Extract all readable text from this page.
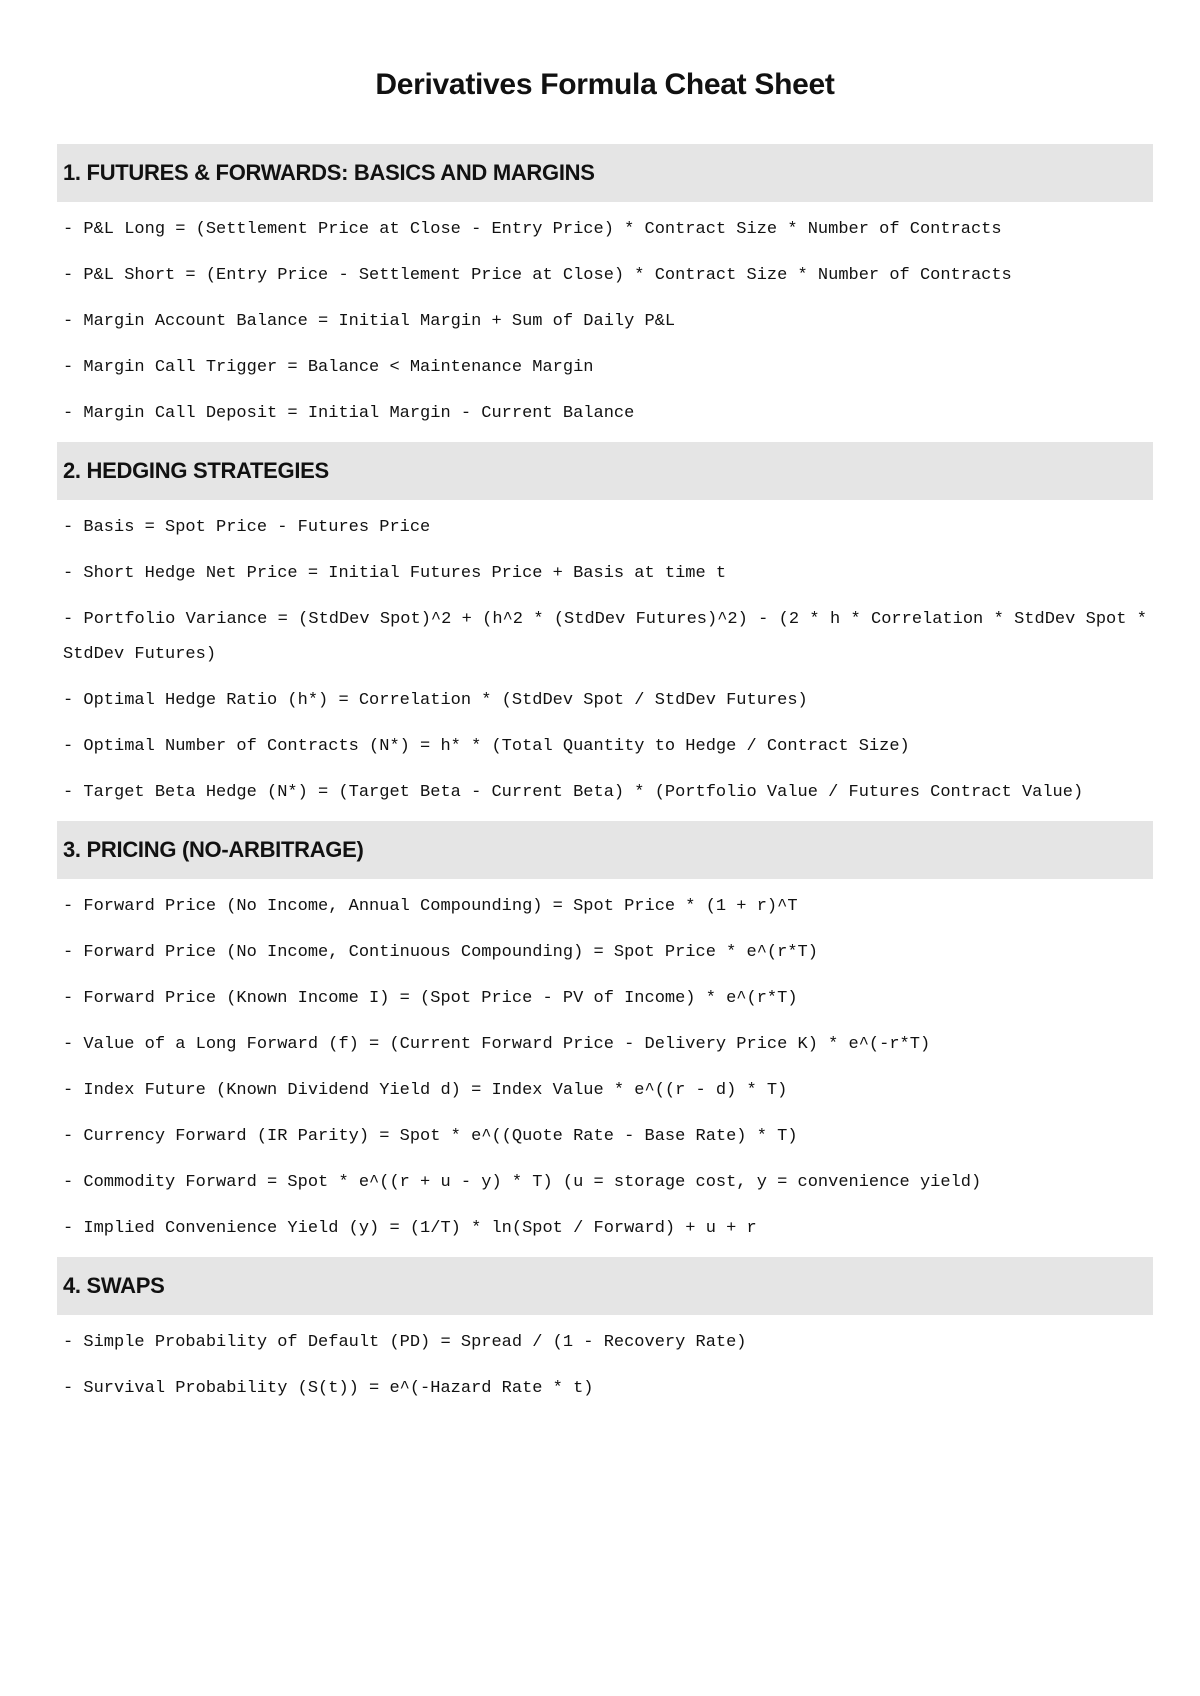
Derivatives Formula Cheat Sheet
1. FUTURES & FORWARDS: BASICS AND MARGINS
- P&L Long = (Settlement Price at Close - Entry Price) * Contract Size * Number of Contracts
- P&L Short = (Entry Price - Settlement Price at Close) * Contract Size * Number of Contracts
- Margin Account Balance = Initial Margin + Sum of Daily P&L
- Margin Call Trigger = Balance < Maintenance Margin
- Margin Call Deposit = Initial Margin - Current Balance
2. HEDGING STRATEGIES
- Basis = Spot Price - Futures Price
- Short Hedge Net Price = Initial Futures Price + Basis at time t
- Portfolio Variance = (StdDev Spot)^2 + (h^2 * (StdDev Futures)^2) - (2 * h * Correlation * StdDev Spot * StdDev Futures)
- Optimal Hedge Ratio (h*) = Correlation * (StdDev Spot / StdDev Futures)
- Optimal Number of Contracts (N*) = h* * (Total Quantity to Hedge / Contract Size)
- Target Beta Hedge (N*) = (Target Beta - Current Beta) * (Portfolio Value / Futures Contract Value)
3. PRICING (NO-ARBITRAGE)
- Forward Price (No Income, Annual Compounding) = Spot Price * (1 + r)^T
- Forward Price (No Income, Continuous Compounding) = Spot Price * e^(r*T)
- Forward Price (Known Income I) = (Spot Price - PV of Income) * e^(r*T)
- Value of a Long Forward (f) = (Current Forward Price - Delivery Price K) * e^(-r*T)
- Index Future (Known Dividend Yield d) = Index Value * e^((r - d) * T)
- Currency Forward (IR Parity) = Spot * e^((Quote Rate - Base Rate) * T)
- Commodity Forward = Spot * e^((r + u - y) * T) (u = storage cost, y = convenience yield)
- Implied Convenience Yield (y) = (1/T) * ln(Spot / Forward) + u + r
4. SWAPS
- Simple Probability of Default (PD) = Spread / (1 - Recovery Rate)
- Survival Probability (S(t)) = e^(-Hazard Rate * t)
